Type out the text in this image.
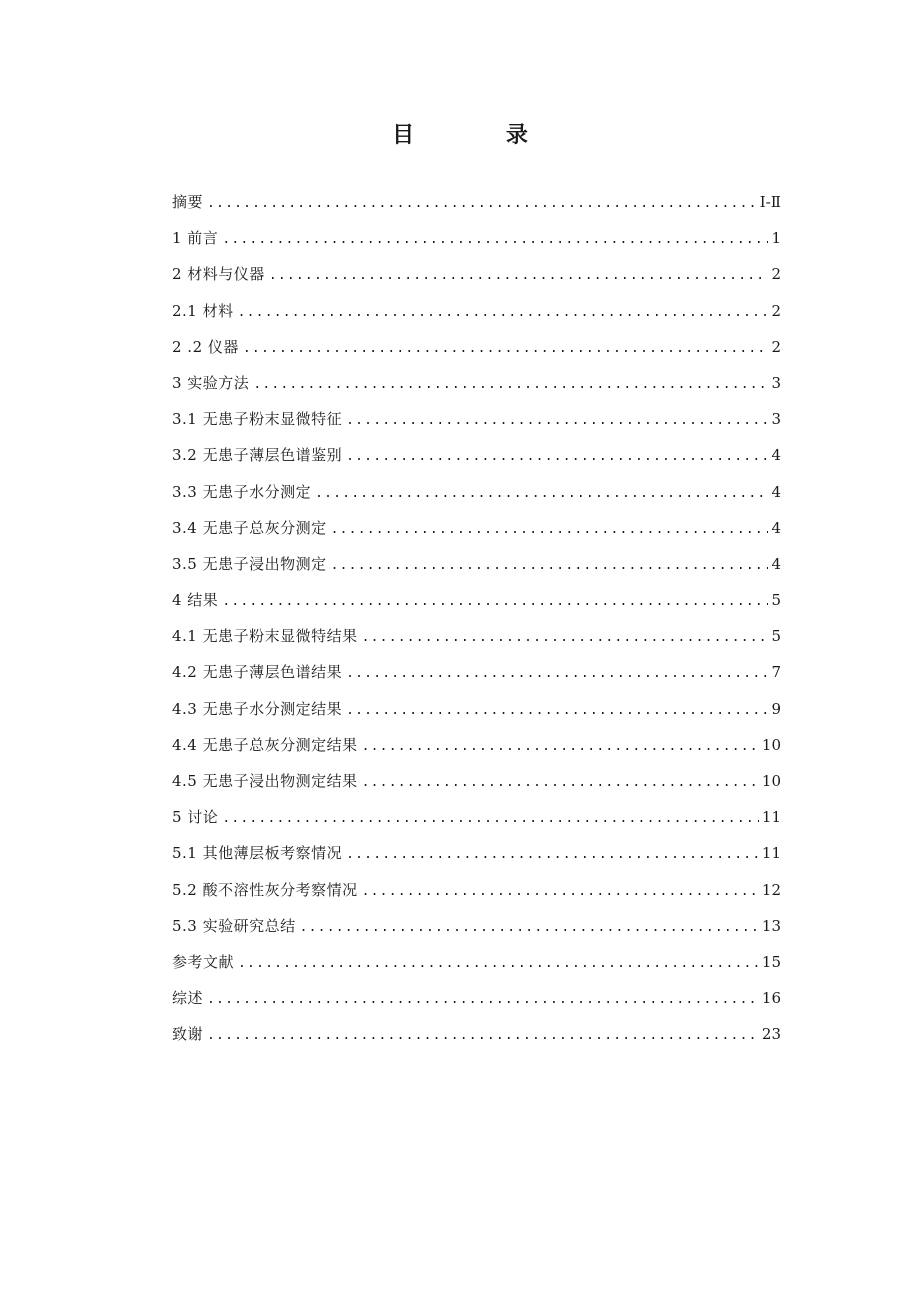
目 录
摘要 .....	Ⅰ-Ⅱ
1 前言 .....	1
2 材料与仪器 .....	2
2.1 材料 .....	2
2 .2 仪器 .....	2
3 实验方法 .....	3
3.1 无患子粉末显微特征 .....	3
3.2 无患子薄层色谱鉴别 .....	4
3.3 无患子水分测定 .....	4
3.4 无患子总灰分测定 .....	4
3.5 无患子浸出物测定 .....	4
4 结果 .....	5
4.1 无患子粉末显微特结果 .....	5
4.2 无患子薄层色谱结果 .....	7
4.3 无患子水分测定结果 .....	9
4.4 无患子总灰分测定结果 .....	10
4.5 无患子浸出物测定结果 .....	10
5 讨论 .....	11
5.1 其他薄层板考察情况 .....	11
5.2 酸不溶性灰分考察情况 .....	12
5.3 实验研究总结 .....	13
参考文献 .....	15
综述 .....	16
致谢 .....	23
